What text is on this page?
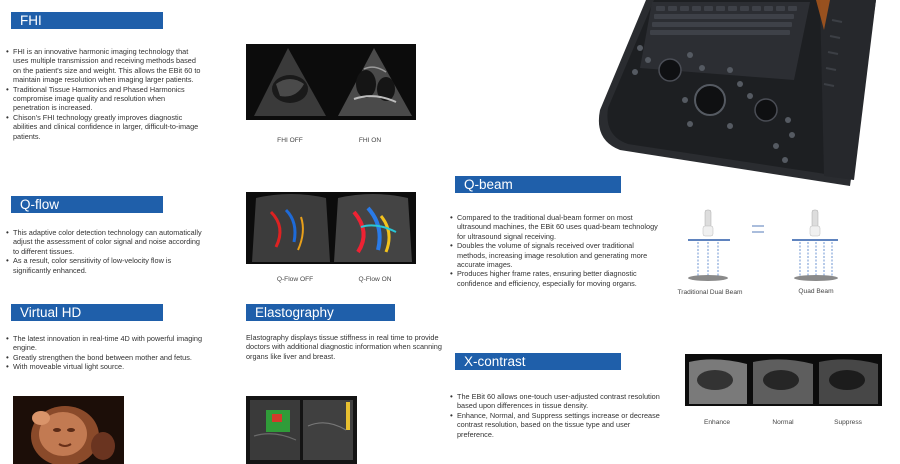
FHI
• FHI is an innovative harmonic imaging technology that uses multiple transmission and receiving methods based on the patient's size and weight. This allows the EBit 60 to maintain image resolution when imaging larger patients.
• Traditional Tissue Harmonics and Phased Harmonics compromise image quality and resolution when penetration is increased.
• Chison's FHI technology greatly improves diagnostic abilities and clinical confidence in larger, difficult-to-image patients.	FHI OFF	FHI ON
Q-flow
• This adaptive color detection technology can automatically adjust the assessment of color signal and noise according to different tissues.
• As a result, color sensitivity of low-velocity flow is significantly enhanced.
Q-Flow OFF	Q-Flow ON
Virtual HD
• The latest innovation in real-time 4D with powerful imaging engine.
• Greatly strengthen the bond between mother and fetus.
• With moveable virtual light source.
Elastography

Elastography displays tissue stiffness in real time to provide doctors with additional diagnostic information when scanning organs like liver and breast.

Q-beam
• Compared to the traditional dual-beam former on most ultrasound machines, the EBit 60 uses quad-beam technology for ultrasound signal receiving.
• Doubles the volume of signals received over traditional methods, increasing image resolution and generating more accurate images.
• Produces higher frame rates, ensuring better diagnostic confidence and efficiency, especially for moving organs.
Traditional Dual Beam	Quad Beam
X-contrast
• The EBit 60 allows one-touch user-adjusted contrast resolution based upon differences in tissue density.
• Enhance, Normal, and Suppress settings increase or decrease contrast resolution, based on the tissue type and user preference.
Enhance	Normal	Suppress
